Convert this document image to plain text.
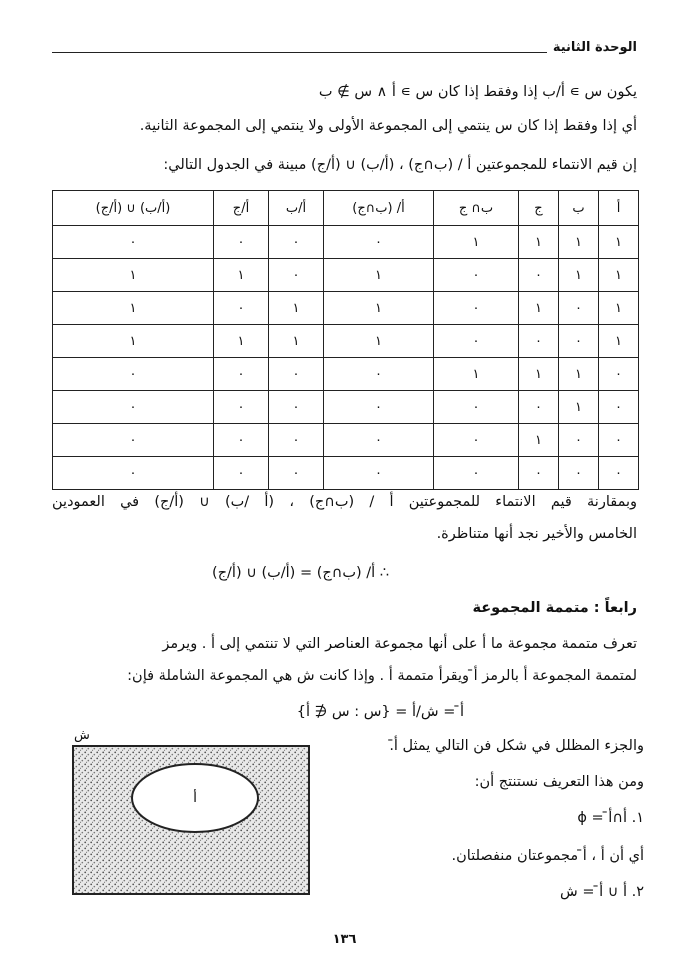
الوحدة الثانية
يكون س ∍ أ/ب إذا وفقط إذا كان س ∍ أ ∧ س ∌ ب
أي إذا وفقط إذا كان س ينتمي إلى المجموعة الأولى ولا ينتمي إلى المجموعة الثانية.
إن قيم الانتماء للمجموعتين أ / (ب∩ج) ، (أ/ب) ∪ (أ/ج) مبينة في الجدول التالي:
أ	ب	ج	ب∩ ج	أ/ (ب∩ج)	أ/ب	أ/ج	(أ/ب) ∪ (أ/ج)
١	١	١	١	٠	٠	٠	٠
١	١	٠	٠	١	٠	١	١
١	٠	١	٠	١	١	٠	١
١	٠	٠	٠	١	١	١	١
٠	١	١	١	٠	٠	٠	٠
٠	١	٠	٠	٠	٠	٠	٠
٠	٠	١	٠	٠	٠	٠	٠
٠	٠	٠	٠	٠	٠	٠	٠
وبمقارنة قيم الانتماء للمجموعتين أ / (ب∩ج) ، (أ /ب) ∪ (أ/ج) في العمودين
الخامس والأخير نجد أنها متناظرة.
∴ أ/ (ب∩ج) = (أ/ب) ∪ (أ/ج)
رابعاً : متممة المجموعة
تعرف متممة مجموعة ما أ على أنها مجموعة العناصر التي لا تنتمي إلى أ . ويرمز
لمتممة المجموعة أ بالرمز أ̄ ويقرأ متممة أ . وإذا كانت ش هي المجموعة الشاملة فإن:
أ̄ = ش/أ = {س : س ∉ أ}
والجزء المظلل في شكل فن التالي يمثل أ̄.
ومن هذا التعريف نستنتج أن:
١. أ∩أ̄ = ϕ
أي أن أ ، أ̄ مجموعتان منفصلتان.
٢. أ ∪ أ̄ = ش
ش
أ
١٣٦
